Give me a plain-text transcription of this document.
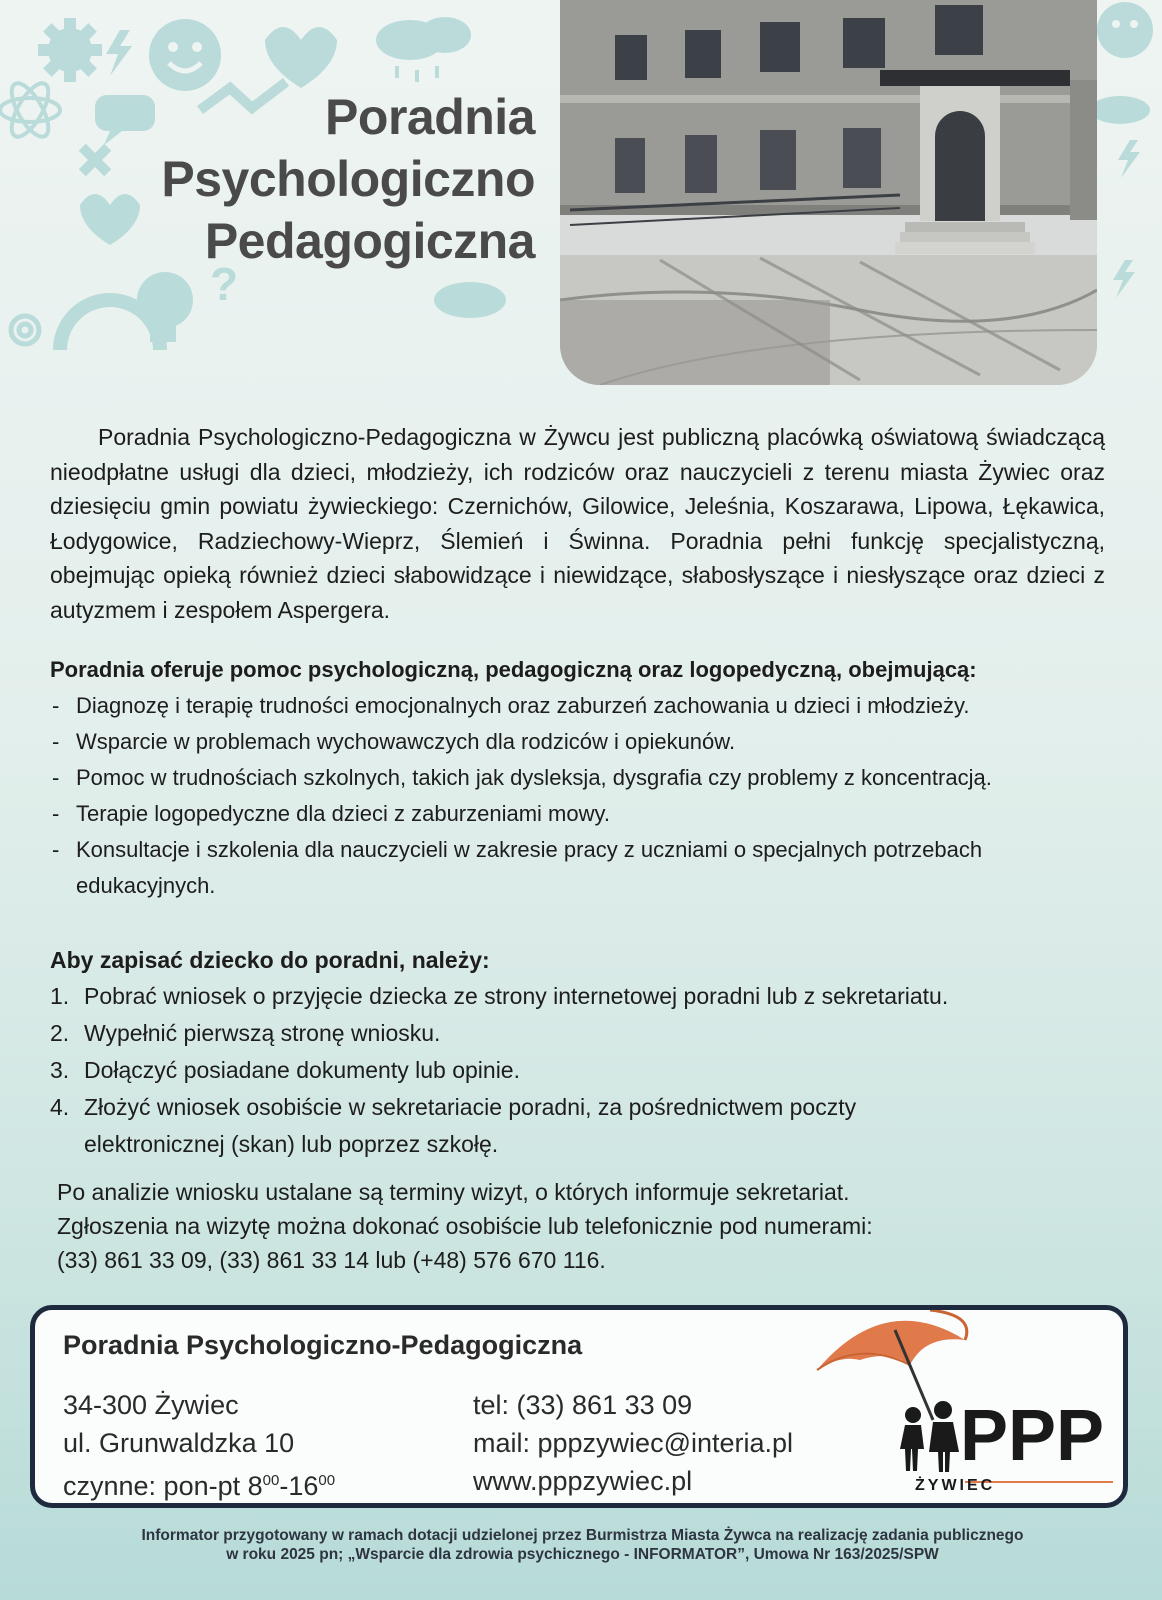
?
Poradnia
Psychologiczno
Pedagogiczna
Poradnia Psychologiczno-Pedagogiczna w Żywcu jest publiczną placówką oświatową świadczącą nieodpłatne usługi dla dzieci, młodzieży, ich rodziców oraz nauczycieli z terenu miasta Żywiec oraz dziesięciu gmin powiatu żywieckiego: Czernichów, Gilowice, Jeleśnia, Koszarawa, Lipowa, Łękawica, Łodygowice, Radziechowy-Wieprz, Ślemień i Świnna. Poradnia pełni funkcję specjalistyczną, obejmując opieką również dzieci słabowidzące i niewidzące, słabosłyszące i niesłyszące oraz dzieci z autyzmem i zespołem Aspergera.
Poradnia oferuje pomoc psychologiczną, pedagogiczną oraz logopedyczną, obejmującą:
- Diagnozę i terapię trudności emocjonalnych oraz zaburzeń zachowania u dzieci i młodzieży.
- Wsparcie w problemach wychowawczych dla rodziców i opiekunów.
- Pomoc w trudnościach szkolnych, takich jak dysleksja, dysgrafia czy problemy z koncentracją.
- Terapie logopedyczne dla dzieci z zaburzeniami mowy.
- Konsultacje i szkolenia dla nauczycieli w zakresie pracy z uczniami o specjalnych potrzebach edukacyjnych.
Aby zapisać dziecko do poradni, należy:
1. Pobrać wniosek o przyjęcie dziecka ze strony internetowej poradni lub z sekretariatu.
2. Wypełnić pierwszą stronę wniosku.
3. Dołączyć posiadane dokumenty lub opinie.
4. Złożyć wniosek osobiście w sekretariacie poradni, za pośrednictwem poczty elektronicznej (skan) lub poprzez szkołę.
Po analizie wniosku ustalane są terminy wizyt, o których informuje sekretariat.
Zgłoszenia na wizytę można dokonać osobiście lub telefonicznie pod numerami:
(33) 861 33 09, (33) 861 33 14 lub (+48) 576 670 116.
Poradnia Psychologiczno-Pedagogiczna
34-300 Żywiec
ul. Grunwaldzka 10
czynne: pon-pt $8^{00}-16^{00}$
tel: (33) 861 33 09
mail: pppzywiec@interia.pl
www.pppzywiec.pl
PPP
ŻYWIEC
Informator przygotowany w ramach dotacji udzielonej przez Burmistrza Miasta Żywca na realizację zadania publicznego
w roku 2025 pn; „Wsparcie dla zdrowia psychicznego - INFORMATOR”, Umowa Nr 163/2025/SPW
